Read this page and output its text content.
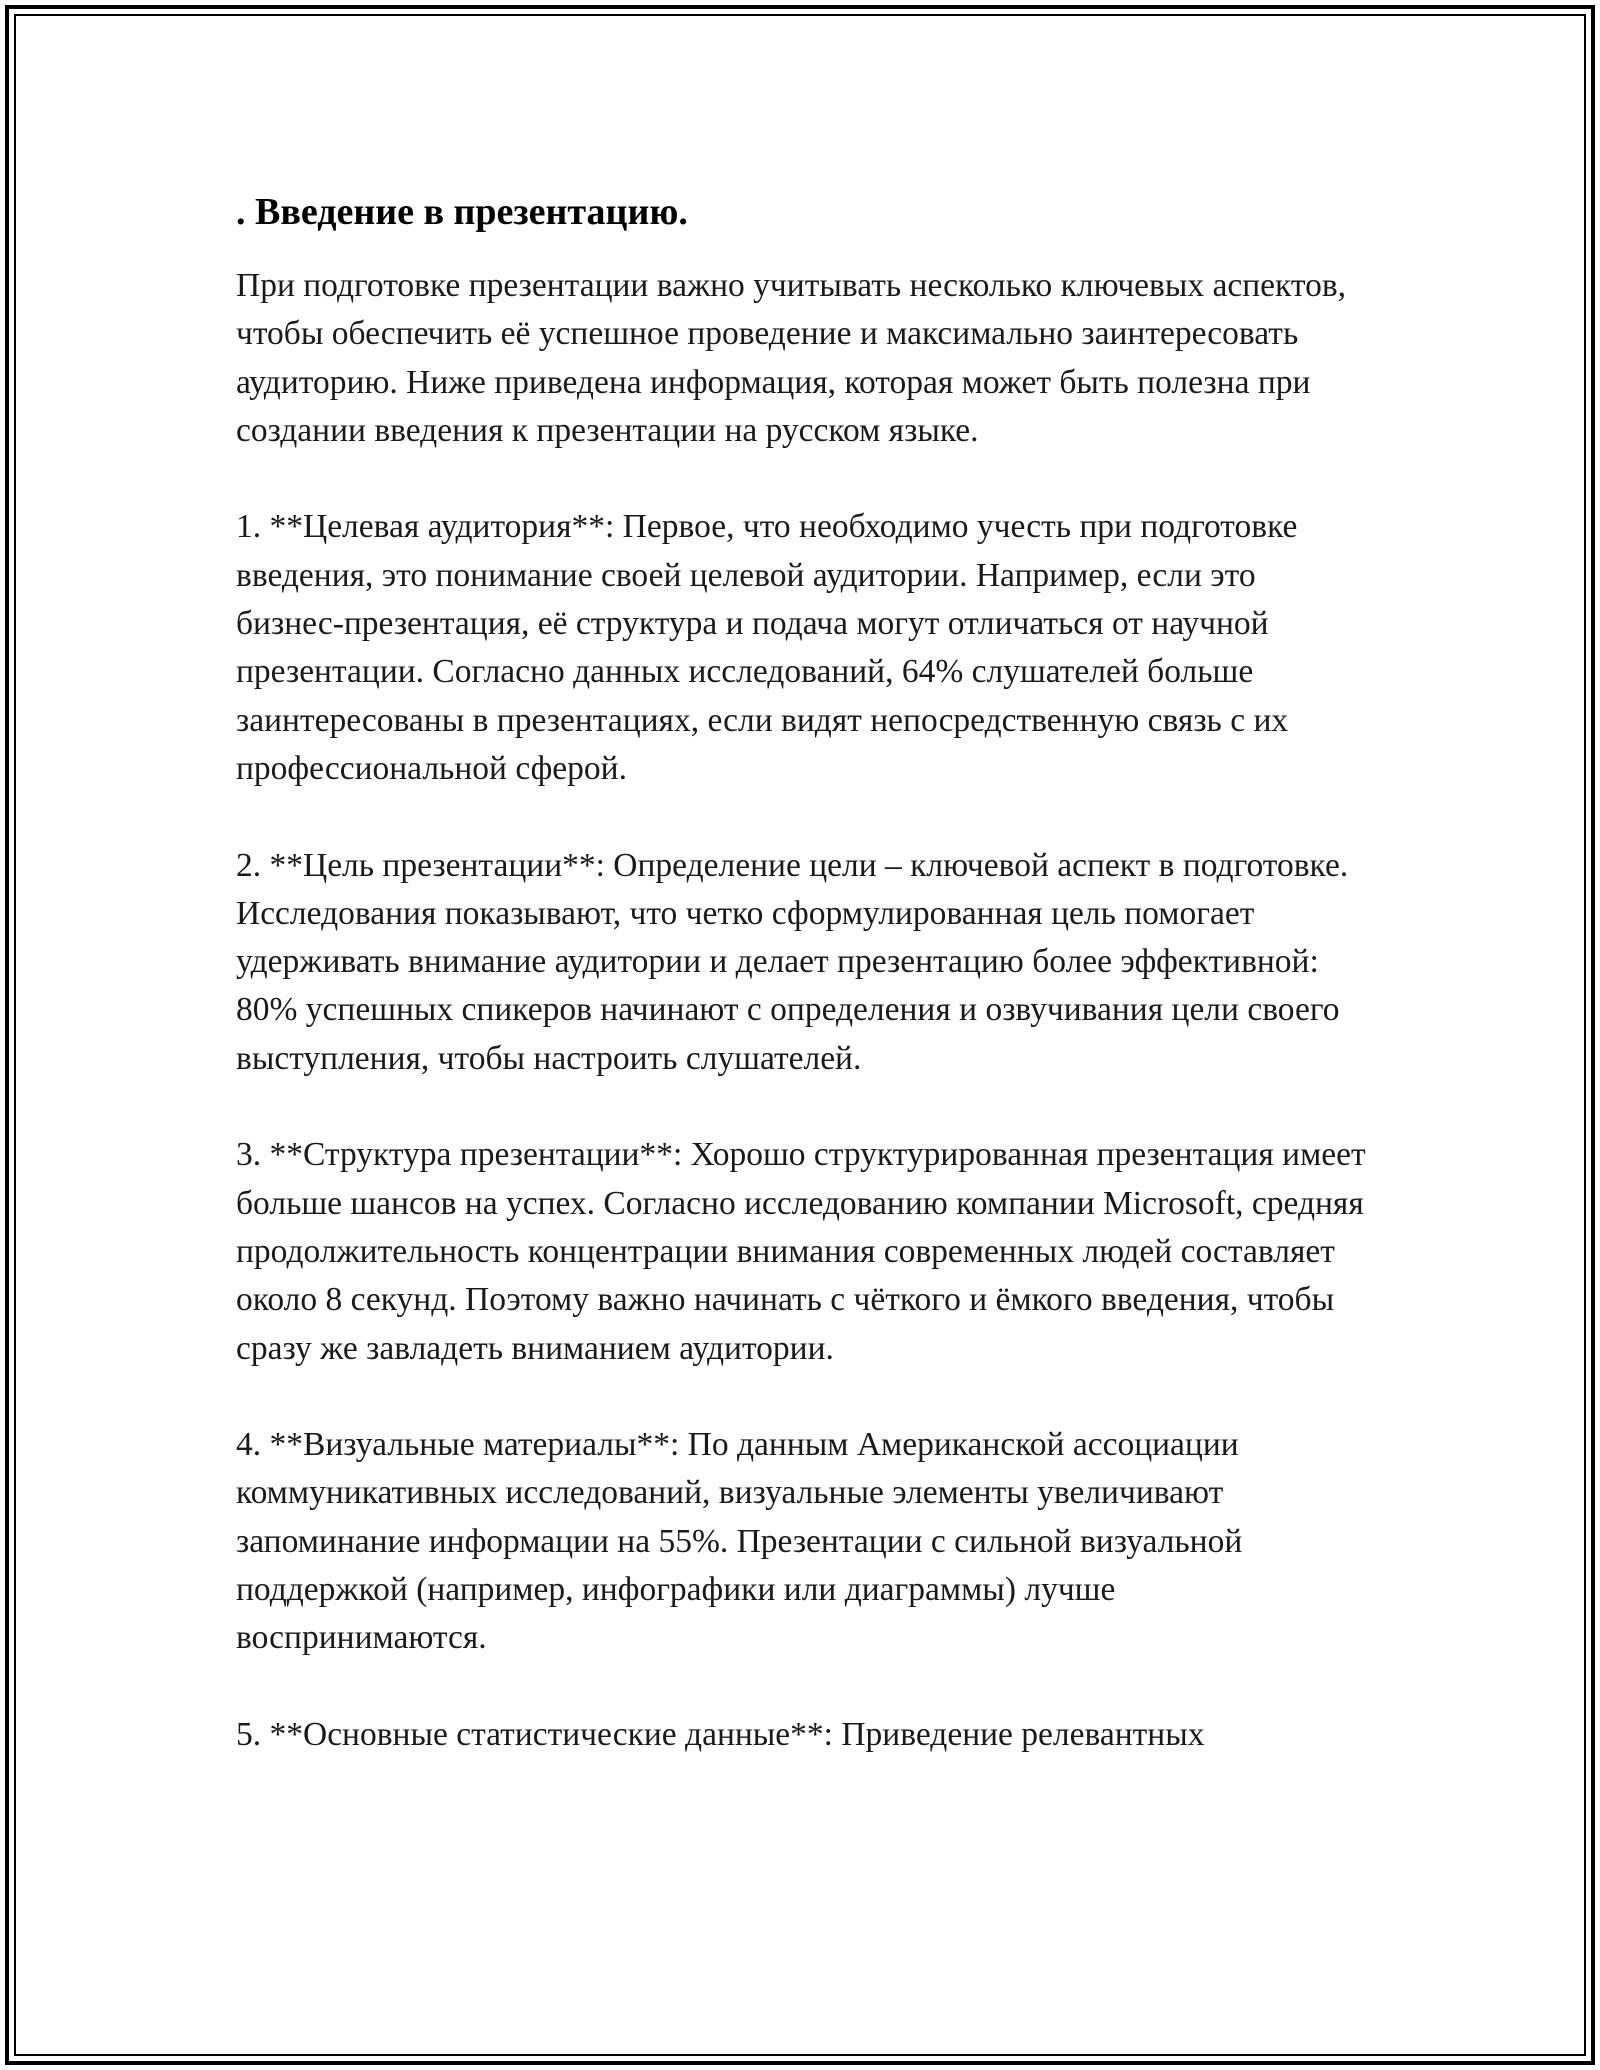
. Введение в презентацию.

При подготовке презентации важно учитывать несколько ключевых аспектов, чтобы обеспечить её успешное проведение и максимально заинтересовать аудиторию. Ниже приведена информация, которая может быть полезна при создании введения к презентации на русском языке.

1. **Целевая аудитория**: Первое, что необходимо учесть при подготовке введения, это понимание своей целевой аудитории. Например, если это бизнес-презентация, её структура и подача могут отличаться от научной презентации. Согласно данных исследований, 64% слушателей больше заинтересованы в презентациях, если видят непосредственную связь с их профессиональной сферой.

2. **Цель презентации**: Определение цели – ключевой аспект в подготовке. Исследования показывают, что четко сформулированная цель помогает удерживать внимание аудитории и делает презентацию более эффективной: 80% успешных спикеров начинают с определения и озвучивания цели своего выступления, чтобы настроить слушателей.

3. **Структура презентации**: Хорошо структурированная презентация имеет больше шансов на успех. Согласно исследованию компании Microsoft, средняя продолжительность концентрации внимания современных людей составляет около 8 секунд. Поэтому важно начинать с чёткого и ёмкого введения, чтобы сразу же завладеть вниманием аудитории.

4. **Визуальные материалы**: По данным Американской ассоциации коммуникативных исследований, визуальные элементы увеличивают запоминание информации на 55%. Презентации с сильной визуальной поддержкой (например, инфографики или диаграммы) лучше воспринимаются.

5. **Основные статистические данные**: Приведение релевантных
